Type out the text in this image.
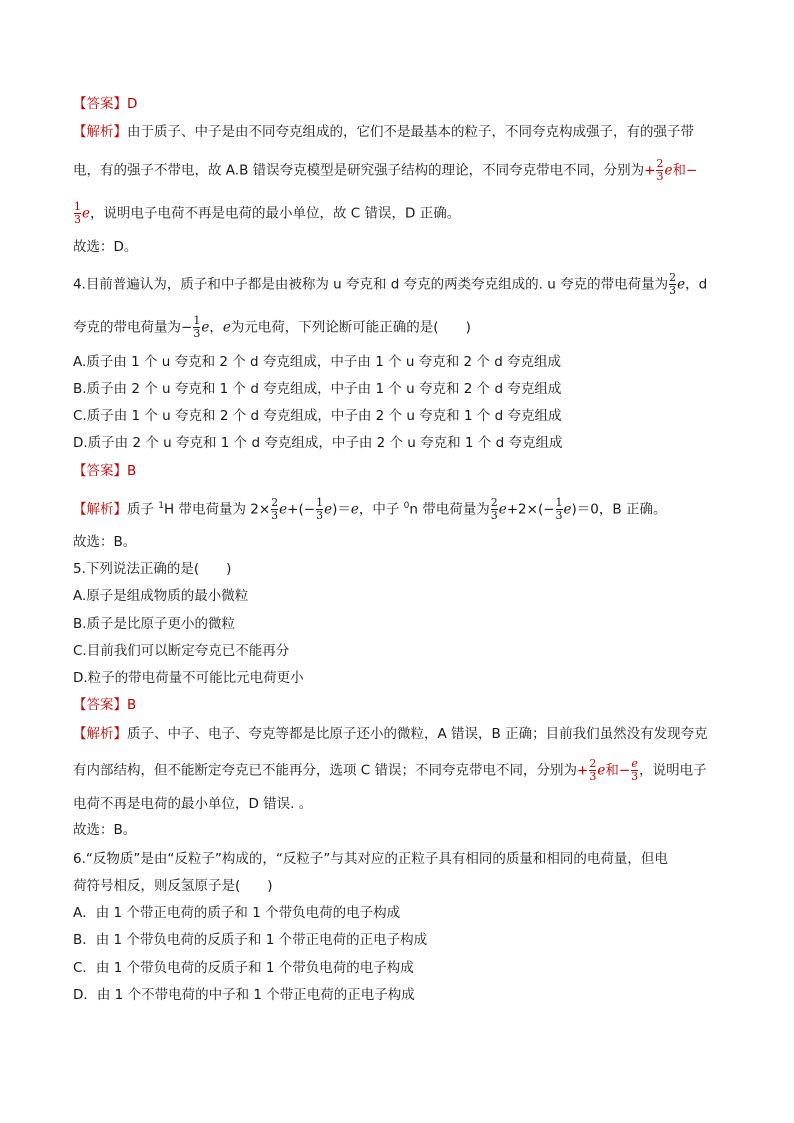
【答案】D
【解析】由于质子、中子是由不同夸克组成的，它们不是最基本的粒子，不同夸克构成强子，有的强子带
电，有的强子不带电，故 A.B 错误夸克模型是研究强子结构的理论，不同夸克带电不同，分别为+ $\frac{2}{3}$ e和−
$\frac{1}{3}$ e，说明电子电荷不再是电荷的最小单位，故 C 错误，D 正确。
故选：D。
4.目前普遍认为，质子和中子都是由被称为 u 夸克和 d 夸克的两类夸克组成的. u 夸克的带电荷量为 $\frac{2}{3}$ e，d
夸克的带电荷量为− $\frac{1}{3}$ e，e为元电荷，下列论断可能正确的是(　　)
A.质子由 1 个 u 夸克和 2 个 d 夸克组成，中子由 1 个 u 夸克和 2 个 d 夸克组成
B.质子由 2 个 u 夸克和 1 个 d 夸克组成，中子由 1 个 u 夸克和 2 个 d 夸克组成
C.质子由 1 个 u 夸克和 2 个 d 夸克组成，中子由 2 个 u 夸克和 1 个 d 夸克组成
D.质子由 2 个 u 夸克和 1 个 d 夸克组成，中子由 2 个 u 夸克和 1 个 d 夸克组成
【答案】B
【解析】质子 $^1$H 带电荷量为 $2\times \frac{2}{3} e+(- \frac{1}{3} e)=e$，中子 $^0$n 带电荷量为 $\frac{2}{3} e+2\times(- \frac{1}{3} e)=0$，B 正确。
故选：B。
5.下列说法正确的是(　　)
A.原子是组成物质的最小微粒
B.质子是比原子更小的微粒
C.目前我们可以断定夸克已不能再分
D.粒子的带电荷量不可能比元电荷更小
【答案】B
【解析】质子、中子、电子、夸克等都是比原子还小的微粒，A 错误，B 正确；目前我们虽然没有发现夸克
有内部结构，但不能断定夸克已不能再分，选项 C 错误；不同夸克带电不同，分别为+ $\frac{2}{3}$ e和− $\frac{e}{3}$ ，说明电子
电荷不再是电荷的最小单位，D 错误. 。
故选：B。
6.“反物质”是由“反粒子”构成的，“反粒子”与其对应的正粒子具有相同的质量和相同的电荷量，但电
荷符号相反，则反氢原子是(　　)
A．由 1 个带正电荷的质子和 1 个带负电荷的电子构成
B．由 1 个带负电荷的反质子和 1 个带正电荷的正电子构成
C．由 1 个带负电荷的反质子和 1 个带负电荷的电子构成
D．由 1 个不带电荷的中子和 1 个带正电荷的正电子构成
